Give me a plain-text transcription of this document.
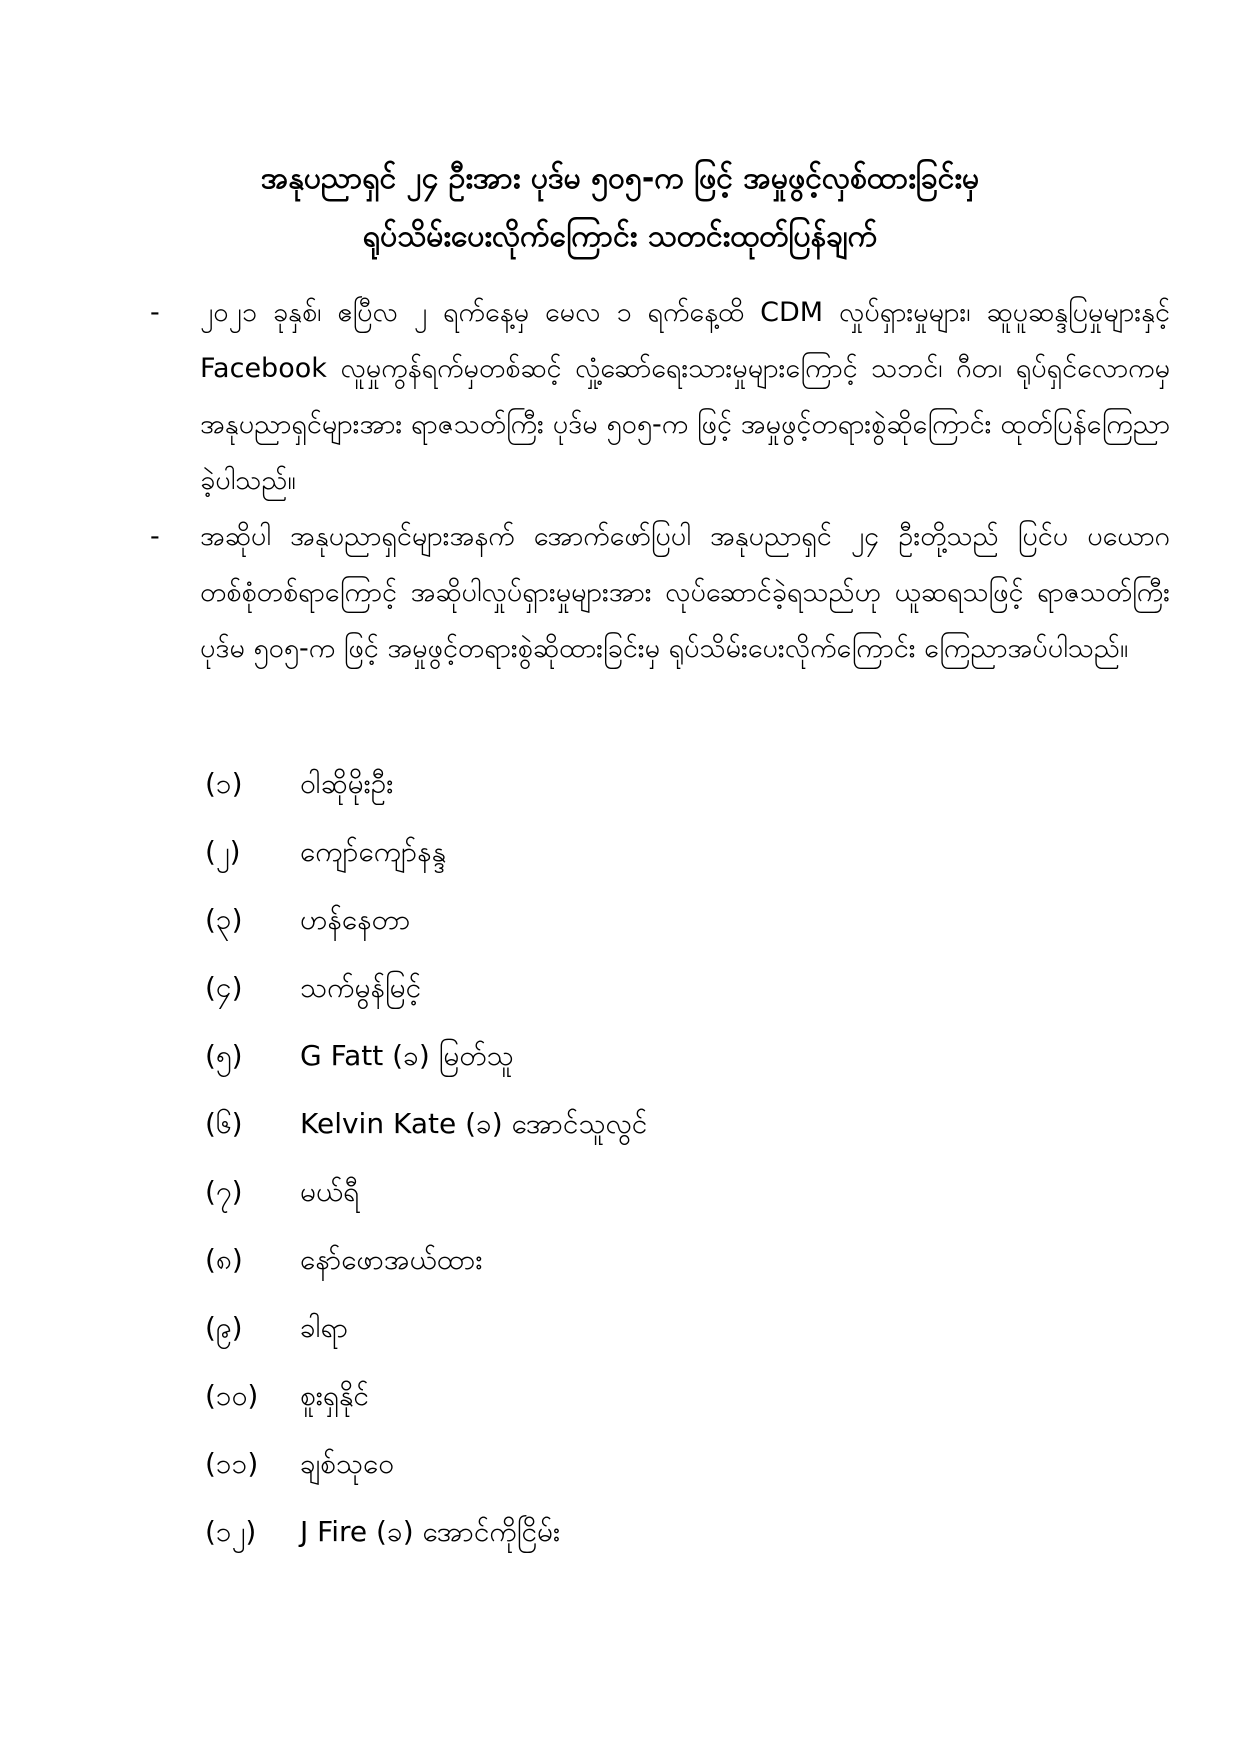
အနုပညာရှင် ၂၄ ဦးအား ပုဒ်မ ၅၀၅-က ဖြင့် အမှုဖွင့်လှစ်ထားခြင်းမှ
ရုပ်သိမ်းပေးလိုက်ကြောင်း သတင်းထုတ်ပြန်ချက်
- ၂၀၂၁ ခုနှစ်၊ ဧပြီလ ၂ ရက်နေ့မှ မေလ ၁ ရက်နေ့ထိ CDM လှုပ်ရှားမှုများ၊ ဆူပူဆန္ဒပြမှုများနှင့် Facebook လူမှုကွန်ရက်မှတစ်ဆင့် လှုံ့ဆော်ရေးသားမှုများကြောင့် သဘင်၊ ဂီတ၊ ရုပ်ရှင်လောကမှ အနုပညာရှင်များအား ရာဇသတ်ကြီး ပုဒ်မ ၅၀၅-က ဖြင့် အမှုဖွင့်တရားစွဲဆိုကြောင်း ထုတ်ပြန်ကြေညာခဲ့ပါသည်။
- အဆိုပါ အနုပညာရှင်များအနက် အောက်ဖော်ပြပါ အနုပညာရှင် ၂၄ ဦးတို့သည် ပြင်ပ ပယောဂတစ်စုံတစ်ရာကြောင့် အဆိုပါလှုပ်ရှားမှုများအား လုပ်ဆောင်ခဲ့ရသည်ဟု ယူဆရသဖြင့် ရာဇသတ်ကြီးပုဒ်မ ၅၀၅-က ဖြင့် အမှုဖွင့်တရားစွဲဆိုထားခြင်းမှ ရုပ်သိမ်းပေးလိုက်ကြောင်း ကြေညာအပ်ပါသည်။
(၁)	ဝါဆိုမိုးဦး
(၂)	ကျော်ကျော်နန္ဒ
(၃)	ဟန်နေတာ
(၄)	သက်မွန်မြင့်
(၅)	G Fatt (ခ) မြတ်သူ
(၆)	Kelvin Kate (ခ) အောင်သူလွင်
(၇)	မယ်ရီ
(၈)	နော်ဖောအယ်ထား
(၉)	ခါရာ
(၁၀)	စူးရှနိုင်
(၁၁)	ချစ်သုဝေ
(၁၂)	J Fire (ခ) အောင်ကိုငြိမ်း
